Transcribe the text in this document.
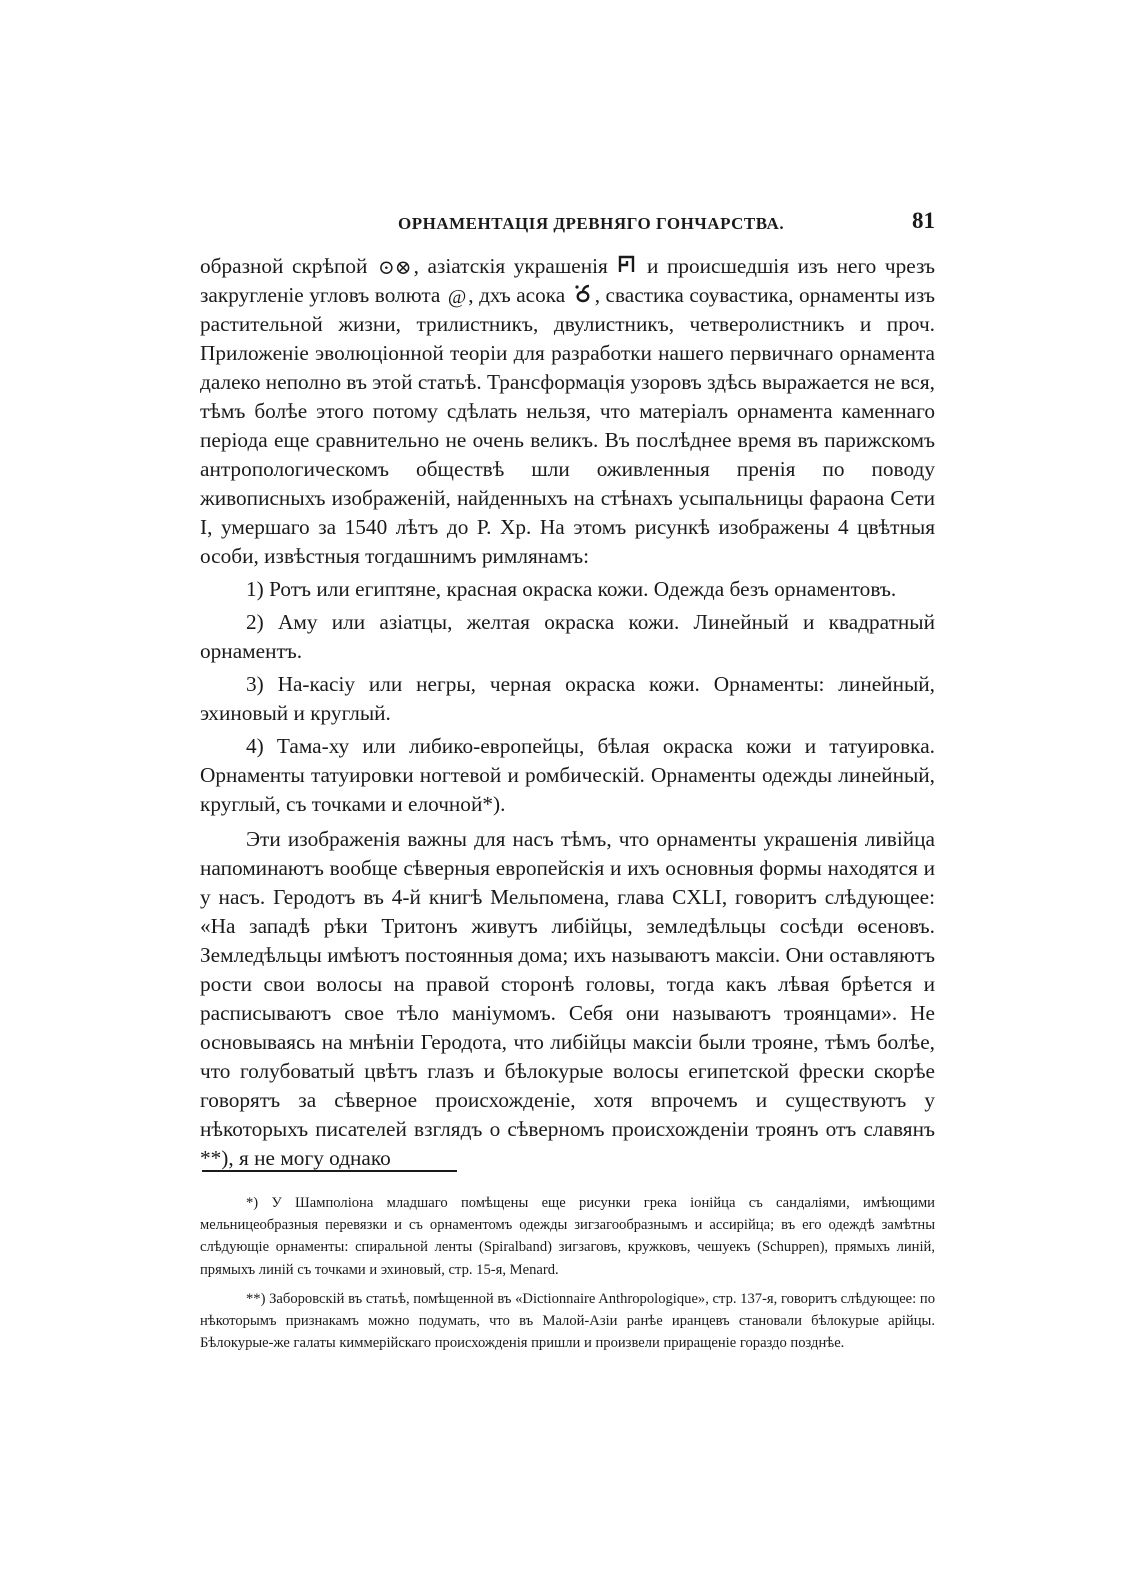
ОРНАМЕНТАЦІЯ ДРЕВНЯГО ГОНЧАРСТВА.	81

образной скрѣпой ⊙⊗, азіатскія украшенія и происшедшія изъ него чрезъ закругленіе угловъ волюта @, дхъ асока , свастика соувастика, орнаменты изъ растительной жизни, трилистникъ, двулистникъ, четверолистникъ и проч. Приложеніе эволюціонной теоріи для разработки нашего первичнаго орнамента далеко неполно въ этой статьѣ. Трансформація узоровъ здѣсь выражается не вся, тѣмъ болѣе этого потому сдѣлать нельзя, что матеріалъ орнамента каменнаго періода еще сравнительно не очень великъ. Въ послѣднее время въ парижскомъ антропологическомъ обществѣ шли оживленныя пренія по поводу живописныхъ изображеній, найденныхъ на стѣнахъ усыпальницы фараона Сети I, умершаго за 1540 лѣтъ до Р. Хр. На этомъ рисункѣ изображены 4 цвѣтныя особи, извѣстныя тогдашнимъ римлянамъ:

1) Ротъ или египтяне, красная окраска кожи. Одежда безъ орнаментовъ.

2) Аму или азіатцы, желтая окраска кожи. Линейный и квадратный орнаментъ.

3) На-касіу или негры, черная окраска кожи. Орнаменты: линейный, эхиновый и круглый.

4) Тама-ху или либико-европейцы, бѣлая окраска кожи и татуировка. Орнаменты татуировки ногтевой и ромбическій. Орнаменты одежды линейный, круглый, съ точками и елочной*).

Эти изображенія важны для насъ тѣмъ, что орнаменты украшенія ливійца напоминаютъ вообще сѣверныя европейскія и ихъ основныя формы находятся и у насъ. Геродотъ въ 4-й книгѣ Мельпомена, глава CXLI, говоритъ слѣдующее: «На западѣ рѣки Тритонъ живутъ либійцы, земледѣльцы сосѣди ѳсеновъ. Земледѣльцы имѣютъ постоянныя дома; ихъ называютъ максіи. Они оставляютъ рости свои волосы на правой сторонѣ головы, тогда какъ лѣвая брѣется и расписываютъ свое тѣло маніумомъ. Себя они называютъ троянцами». Не основываясь на мнѣніи Геродота, что либійцы максіи были трояне, тѣмъ болѣе, что голубоватый цвѣтъ глазъ и бѣлокурые волосы египетской фрески скорѣе говорятъ за сѣверное происхожденіе, хотя впрочемъ и существуютъ у нѣкоторыхъ писателей взглядъ о сѣверномъ происхожденіи троянъ отъ славянъ **), я не могу однако

*) У Шамполіона младшаго помѣщены еще рисунки грека іонійца съ сандаліями, имѣющими мельницеобразныя перевязки и съ орнаментомъ одежды зигзагообразнымъ и ассирійца; въ его одеждѣ замѣтны слѣдующіе орнаменты: спиральной ленты (Spiralband) зигзаговъ, кружковъ, чешуекъ (Schuppen), прямыхъ линій, прямыхъ линій съ точками и эхиновый, стр. 15-я, Menard.

**) Заборовскій въ статьѣ, помѣщенной въ «Dictionnaire Anthropologique», стр. 137-я, говоритъ слѣдующее: по нѣкоторымъ признакамъ можно подумать, что въ Малой-Азіи ранѣе иранцевъ становали бѣлокурые арійцы. Бѣлокурые-же галаты киммерійскаго происхожденія пришли и произвели приращеніе гораздо позднѣе.
